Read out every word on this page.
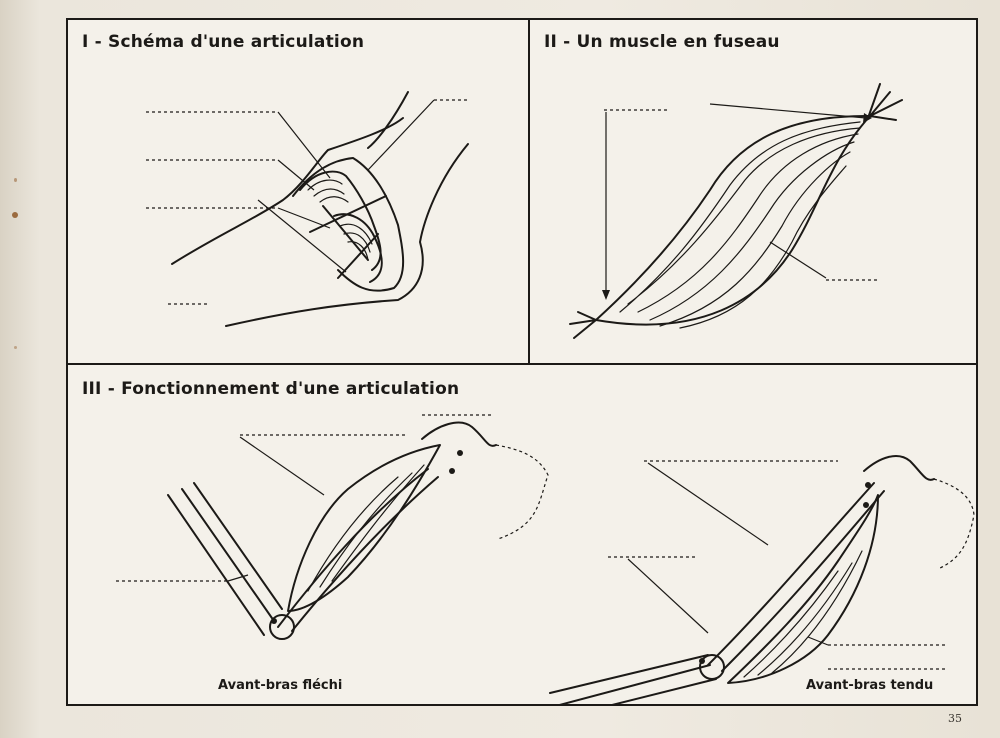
I - Schéma d'une articulation	II - Un muscle en fuseau
III - Fonctionnement d'une articulation
Avant-bras fléchi	Avant-bras tendu
35
